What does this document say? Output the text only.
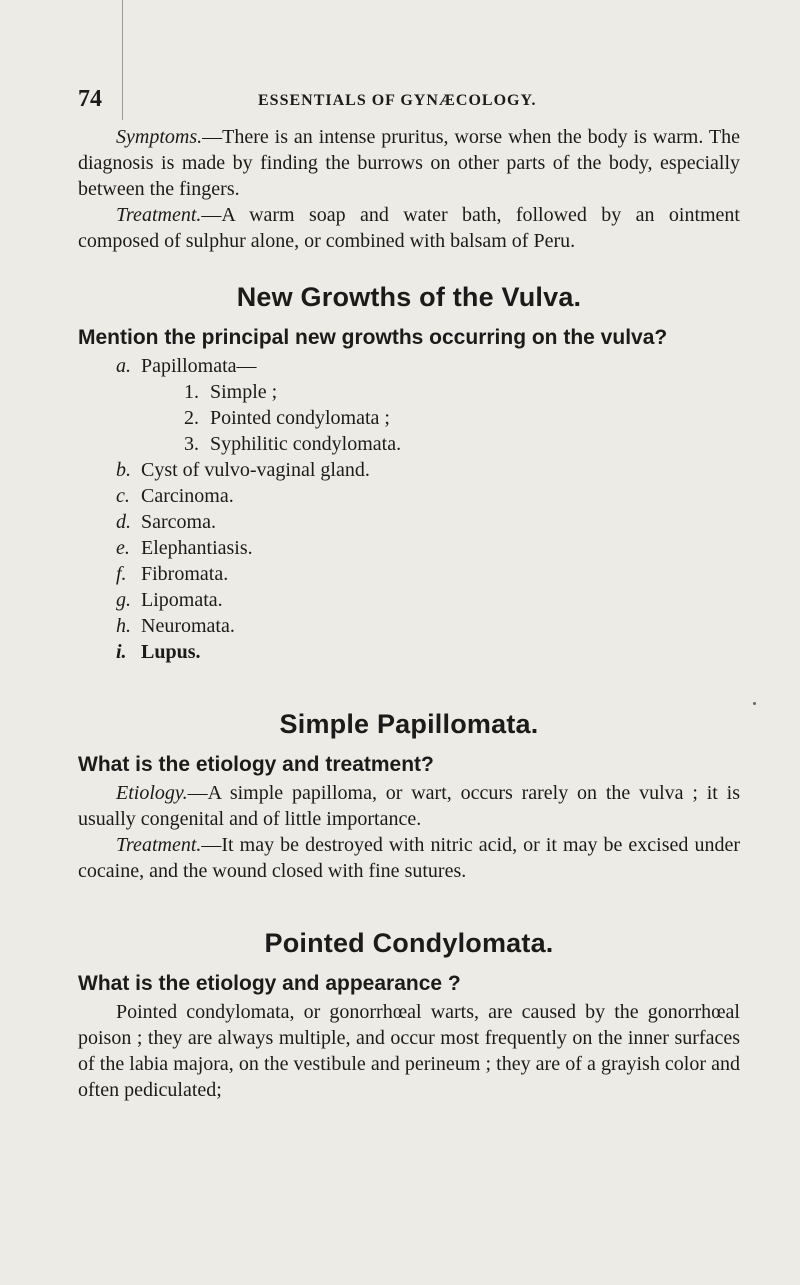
74	ESSENTIALS OF GYNÆCOLOGY.

Symptoms.—There is an intense pruritus, worse when the body is warm. The diagnosis is made by finding the burrows on other parts of the body, especially between the fingers.

Treatment.—A warm soap and water bath, followed by an ointment composed of sulphur alone, or combined with balsam of Peru.

New Growths of the Vulva.
Mention the principal new growths occurring on the vulva?
a. Papillomata—
1. Simple ;
2. Pointed condylomata ;
3. Syphilitic condylomata.
b. Cyst of vulvo-vaginal gland.
c. Carcinoma.
d. Sarcoma.
e. Elephantiasis.
f. Fibromata.
g. Lipomata.
h. Neuromata.
i. Lupus.
Simple Papillomata.
What is the etiology and treatment?

Etiology.—A simple papilloma, or wart, occurs rarely on the vulva ; it is usually congenital and of little importance.

Treatment.—It may be destroyed with nitric acid, or it may be excised under cocaine, and the wound closed with fine sutures.

Pointed Condylomata.
What is the etiology and appearance ?

Pointed condylomata, or gonorrhœal warts, are caused by the gonorrhœal poison ; they are always multiple, and occur most frequently on the inner surfaces of the labia majora, on the vestibule and perineum ; they are of a grayish color and often pediculated;
